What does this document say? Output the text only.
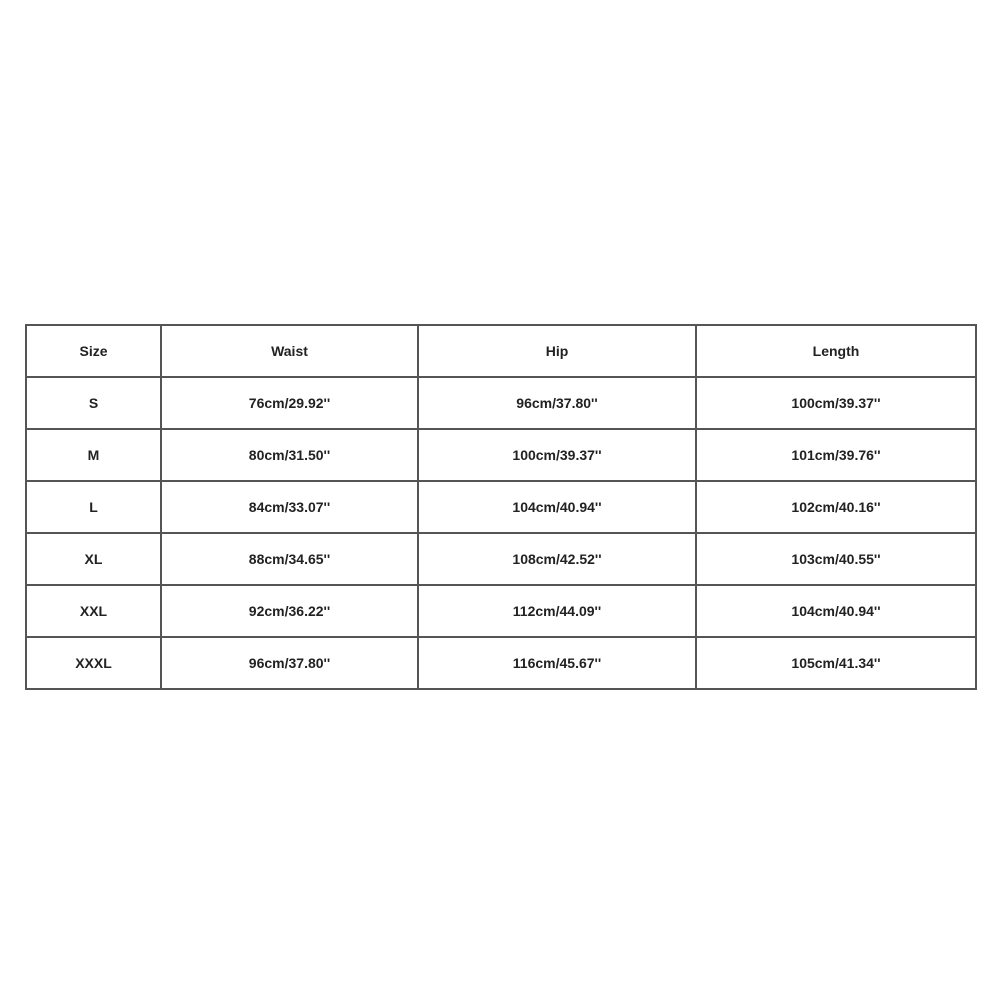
Size	Waist	Hip	Length
S	76cm/29.92''	96cm/37.80''	100cm/39.37''
M	80cm/31.50''	100cm/39.37''	101cm/39.76''
L	84cm/33.07''	104cm/40.94''	102cm/40.16''
XL	88cm/34.65''	108cm/42.52''	103cm/40.55''
XXL	92cm/36.22''	112cm/44.09''	104cm/40.94''
XXXL	96cm/37.80''	116cm/45.67''	105cm/41.34''
